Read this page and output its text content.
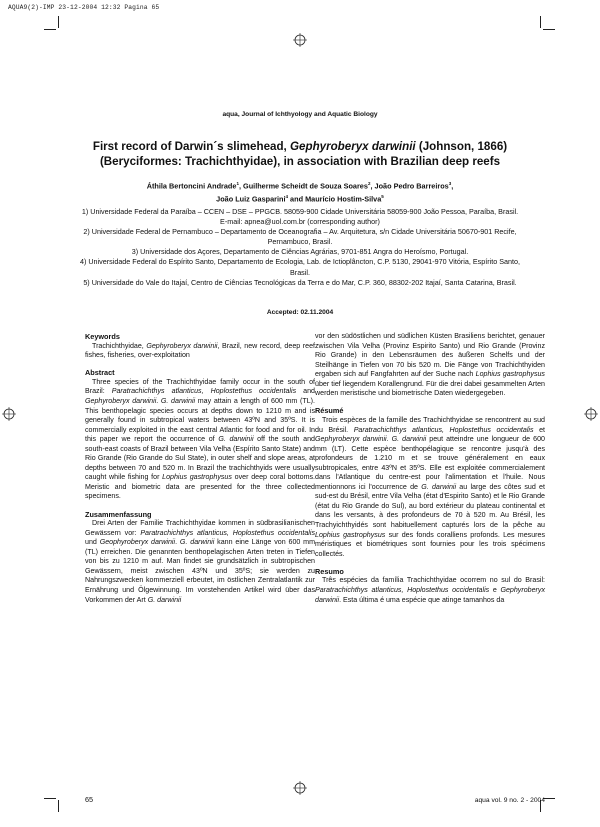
AQUA9(2)-IMP 23-12-2004 12:32 Pagina 65
aqua, Journal of Ichthyology and Aquatic Biology
First record of Darwin´s slimehead, Gephyroberyx darwinii (Johnson, 1866)
(Beryciformes: Trachichthyidae), in association with Brazilian deep reefs
Áthila Bertoncini Andrade$^1$, Guilherme Scheidt de Souza Soares$^2$, João Pedro Barreiros$^3$,
João Luiz Gasparini$^4$ and Maurício Hostim-Silva$^5$

1) Universidade Federal da Paraíba – CCEN – DSE – PPGCB. 58059-900 Cidade Universitária 58059-900 João Pessoa, Paraíba, Brasil. E-mail: apnea@uol.com.br (corresponding author)

2) Universidade Federal de Pernambuco – Departamento de Oceanografia – Av. Arquitetura, s/n Cidade Universitária 50670-901 Recife, Pernambuco, Brasil.

3) Universidade dos Açores, Departamento de Ciências Agrárias, 9701-851 Angra do Heroísmo, Portugal.

4) Universidade Federal do Espírito Santo, Departamento de Ecologia, Lab. de Ictioplâncton, C.P. 5130, 29041-970 Vitória, Espírito Santo, Brasil.

5) Universidade do Vale do Itajaí, Centro de Ciências Tecnológicas da Terra e do Mar, C.P. 360, 88302-202 Itajaí, Santa Catarina, Brasil.

Accepted: 02.11.2004
Keywords

Trachichthyidae, Gephyroberyx darwinii, Brazil, new record, deep reef fishes, fisheries, over-exploitation

Abstract

Three species of the Trachichthyidae family occur in the south of Brazil: Paratrachichthys atlanticus, Hoplostethus occidentalis and Gephyroberyx darwinii. G. darwinii may attain a length of 600 mm (TL). This benthopelagic species occurs at depths down to 1210 m and is generally found in subtropical waters between 43ºN and 35ºS. It is commercially exploited in the east central Atlantic for food and for oil. In this paper we report the occurrence of G. darwinii off the south and south-east coasts of Brazil between Vila Velha (Espírito Santo State) and Rio Grande (Rio Grande do Sul State), in outer shelf and slope areas, at depths between 70 and 520 m. In Brazil the trachichthyids were usually caught while fishing for Lophius gastrophysus over deep coral bottoms. Meristic and biometric data are presented for the three collected specimens.

Zusammenfassung

Drei Arten der Familie Trachichthyidae kommen in südbrasilianischen Gewässern vor: Paratrachichthys atlanticus, Hoplostethus occidentalis und Geophyroberyx darwinii. G. darwinii kann eine Länge von 600 mm (TL) erreichen. Die genannten benthopelagischen Arten treten in Tiefen von bis zu 1210 m auf. Man findet sie grundsätzlich in subtropischen Gewässern, meist zwischen 43ºN und 35ºS; sie werden zu Nahrungszwecken kommerziell erbeutet, im östlichen Zentralatlantik zur Ernährung und Ölgewinnung. Im vorstehenden Artikel wird über das Vorkommen der Art G. darwinii

vor den südöstlichen und südlichen Küsten Brasiliens berichtet, genauer zwischen Vila Velha (Provinz Espirito Santo) und Rio Grande (Provinz Rio Grande) in den Lebensräumen des äußeren Schelfs und der Steilhänge in Tiefen von 70 bis 520 m. Die Fänge von Trachichthyiden ergaben sich auf Fangfahrten auf der Suche nach Lophius gastrophysus über tief liegendem Korallengrund. Für die drei dabei gesammelten Arten werden meristische und biometrische Daten wiedergegeben.

Résumé

Trois espèces de la famille des Trachichthyidae se rencontrent au sud du Brésil. Paratrachichthys atlanticus, Hoplostethus occidentalis et Gephyroberyx darwinii. G. darwinii peut atteindre une longueur de 600 mm (LT). Cette espèce benthopélagique se rencontre jusqu'à des profondeurs de 1.210 m et se trouve généralement en eaux subtropicales, entre 43ºN et 35ºS. Elle est exploitée commercialement dans l'Atlantique du centre-est pour l'alimentation et l'huile. Nous mentionnons ici l'occurrence de G. darwinii au large des côtes sud et sud-est du Brésil, entre Vila Velha (état d'Espirito Santo) et le Rio Grande (état du Rio Grande do Sul), au bord extérieur du plateau continental et dans les versants, à des profondeurs de 70 à 520 m. Au Brésil, les Trachyichthyidés sont habituellement capturés lors de la pêche au Lophius gastrophysus sur des fonds coralliens profonds. Les mesures méristiques et biométriques sont fournies pour les trois spécimens collectés.

Resumo

Três espécies da família Trachichthyidae ocorrem no sul do Brasil: Paratrachichthys atlanticus, Hoplostethus occidentalis e Gephyroberyx darwinii. Esta última é uma espécie que atinge tamanhos da

65	aqua vol. 9 no. 2 - 2004
